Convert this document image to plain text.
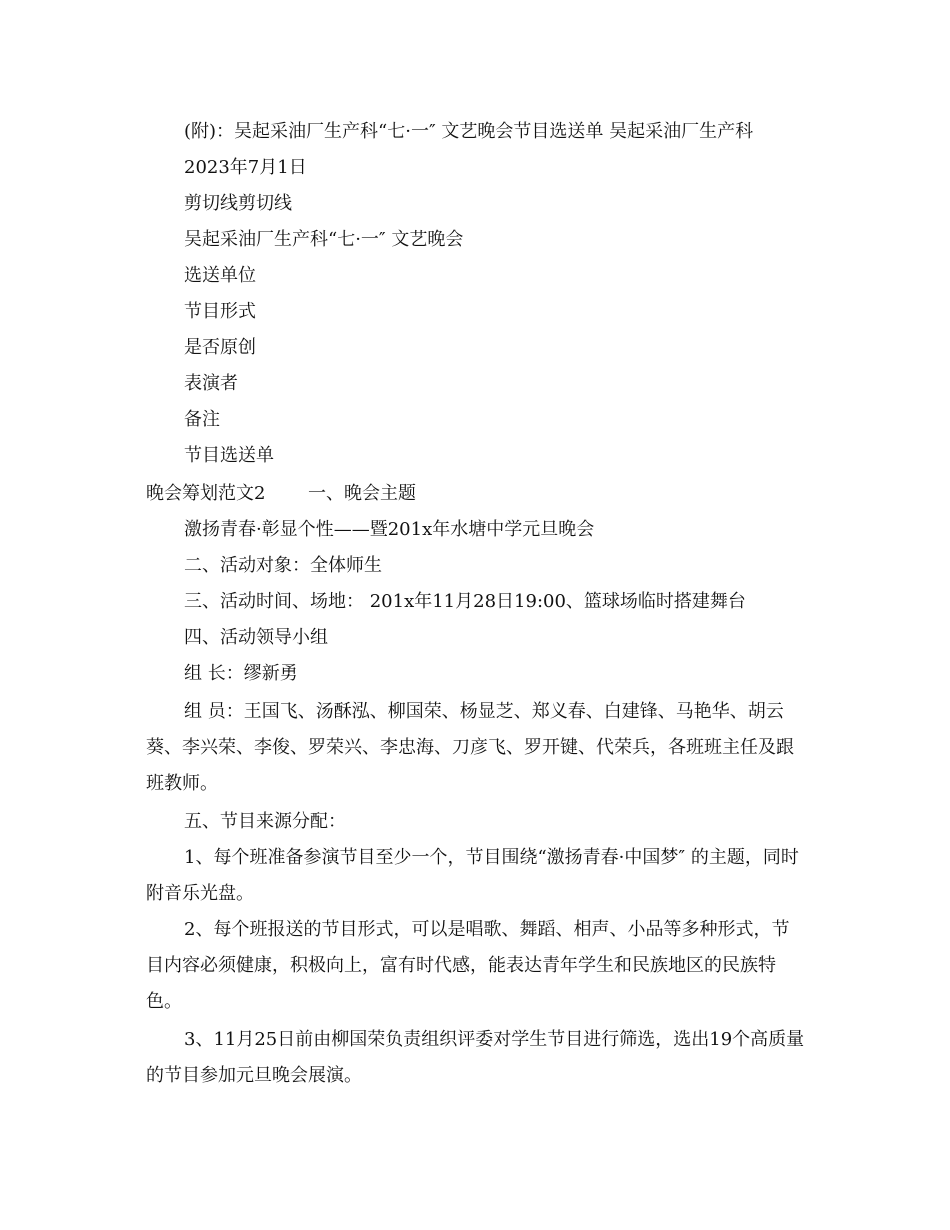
(附)：吴起采油厂生产科“七·一″ 文艺晚会节目选送单 吴起采油厂生产科
2023年7月1日
剪切线剪切线
吴起采油厂生产科“七·一″ 文艺晚会
选送单位
节目形式
是否原创
表演者
备注
节目选送单
晚会筹划范文2 一、晚会主题
激扬青春·彰显个性——暨201x年水塘中学元旦晚会
二、活动对象：全体师生
三、活动时间、场地： 201x年11月28日19:00、篮球场临时搭建舞台
四、活动领导小组
组 长：缪新勇
组 员：王国飞、汤酥泓、柳国荣、杨显芝、郑义春、白建锋、马艳华、胡云葵、李兴荣、李俊、罗荣兴、李忠海、刀彦飞、罗开键、代荣兵，各班班主任及跟班教师。
五、节目来源分配：
1、每个班准备参演节目至少一个，节目围绕“激扬青春·中国梦″ 的主题，同时附音乐光盘。
2、每个班报送的节目形式，可以是唱歌、舞蹈、相声、小品等多种形式，节目内容必须健康，积极向上，富有时代感，能表达青年学生和民族地区的民族特色。
3、11月25日前由柳国荣负责组织评委对学生节目进行筛选，选出19个高质量的节目参加元旦晚会展演。
